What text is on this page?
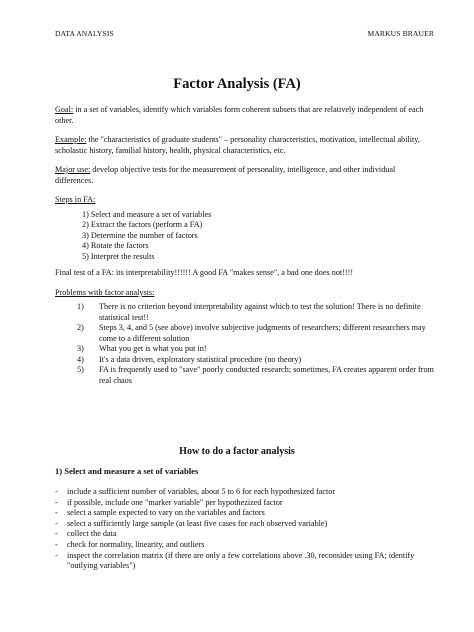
DATA ANALYSIS	MARKUS BRAUER
Factor Analysis (FA)

Goal: in a set of variables, identify which variables form coherent subsets that are relatively independent of each other.

Example: the "characteristics of graduate students" – personality characteristics, motivation, intellectual ability, scholastic history, familial history, health, physical characteristics, etc.

Major use: develop objective tests for the measurement of personality, intelligence, and other individual differences.

Steps in FA:

1) Select and measure a set of variables
2) Extract the factors (perform a FA)
3) Determine the number of factors
4) Rotate the factors
5) Interpret the results

Final test of a FA: its interpretability!!!!!! A good FA "makes sense", a bad one does not!!!!

Problems with factor analysis:

1)	There is no criterion beyond interpretability against which to test the solution! There is no definite statistical test!!
2)	Steps 3, 4, and 5 (see above) involve subjective judgments of researchers; different researchers may come to a different solution
3)	What you get is what you put in!
4)	It's a data driven, exploratory statistical procedure (no theory)
5)	FA is frequently used to "save" poorly conducted research; sometimes, FA creates apparent order from real chaos
How to do a factor analysis
1) Select and measure a set of variables
-	include a sufficient number of variables, about 5 to 6 for each hypothesized factor
-	if possible, include one "marker variable" per hypothezized factor
-	select a sample expected to vary on the variables and factors
-	select a sufficiently large sample (at least five cases for each observed variable)
-	collect the data
-	check for normality, linearity, and outliers
-	inspect the correlation matrix (if there are only a few correlations above .30, reconsider using FA; identify "outlying variables")
